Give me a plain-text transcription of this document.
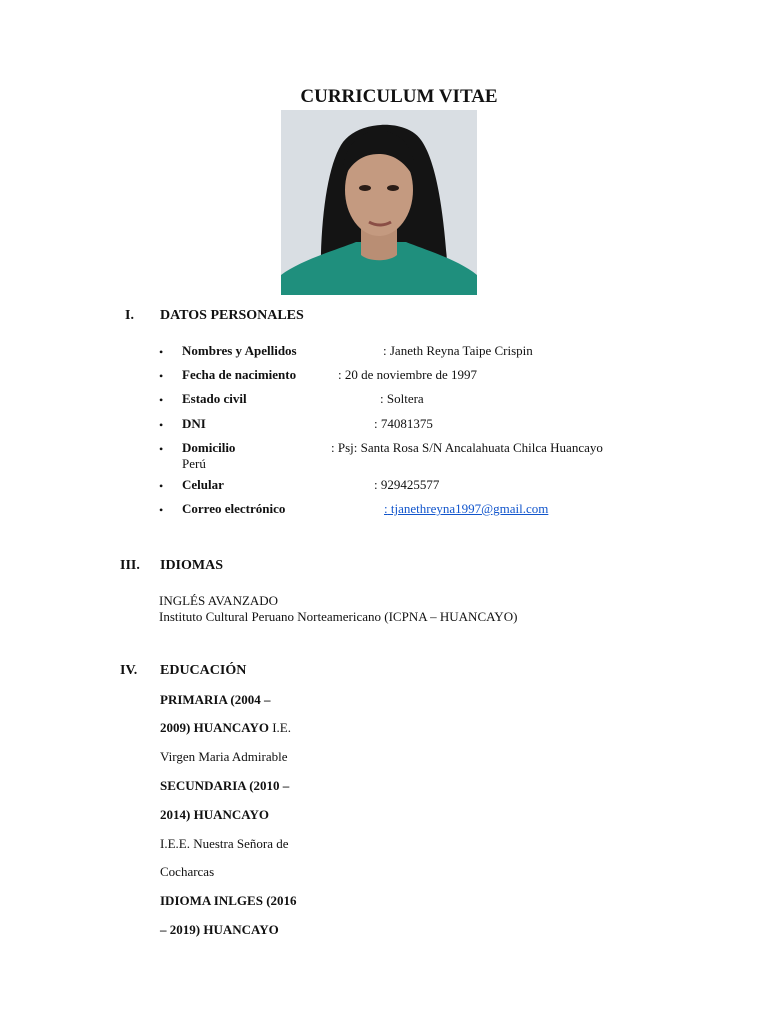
CURRICULUM VITAE
I. DATOS PERSONALES
• Nombres y Apellidos	: Janeth Reyna Taipe Crispin
• Fecha de nacimiento	: 20 de noviembre de 1997
• Estado civil	: Soltera
• DNI	: 74081375
• Domicilio	: Psj: Santa Rosa S/N Ancalahuata Chilca Huancayo
Perú
• Celular	: 929425577
• Correo electrónico	: tjanethreyna1997@gmail.com
III. IDIOMAS
INGLÉS AVANZADO
Instituto Cultural Peruano Norteamericano (ICPNA – HUANCAYO)
IV. EDUCACIÓN
PRIMARIA (2004 –
2009) HUANCAYO I.E.
Virgen Maria Admirable
SECUNDARIA (2010 –
2014) HUANCAYO
I.E.E. Nuestra Señora de
Cocharcas
IDIOMA INLGES (2016
– 2019) HUANCAYO
